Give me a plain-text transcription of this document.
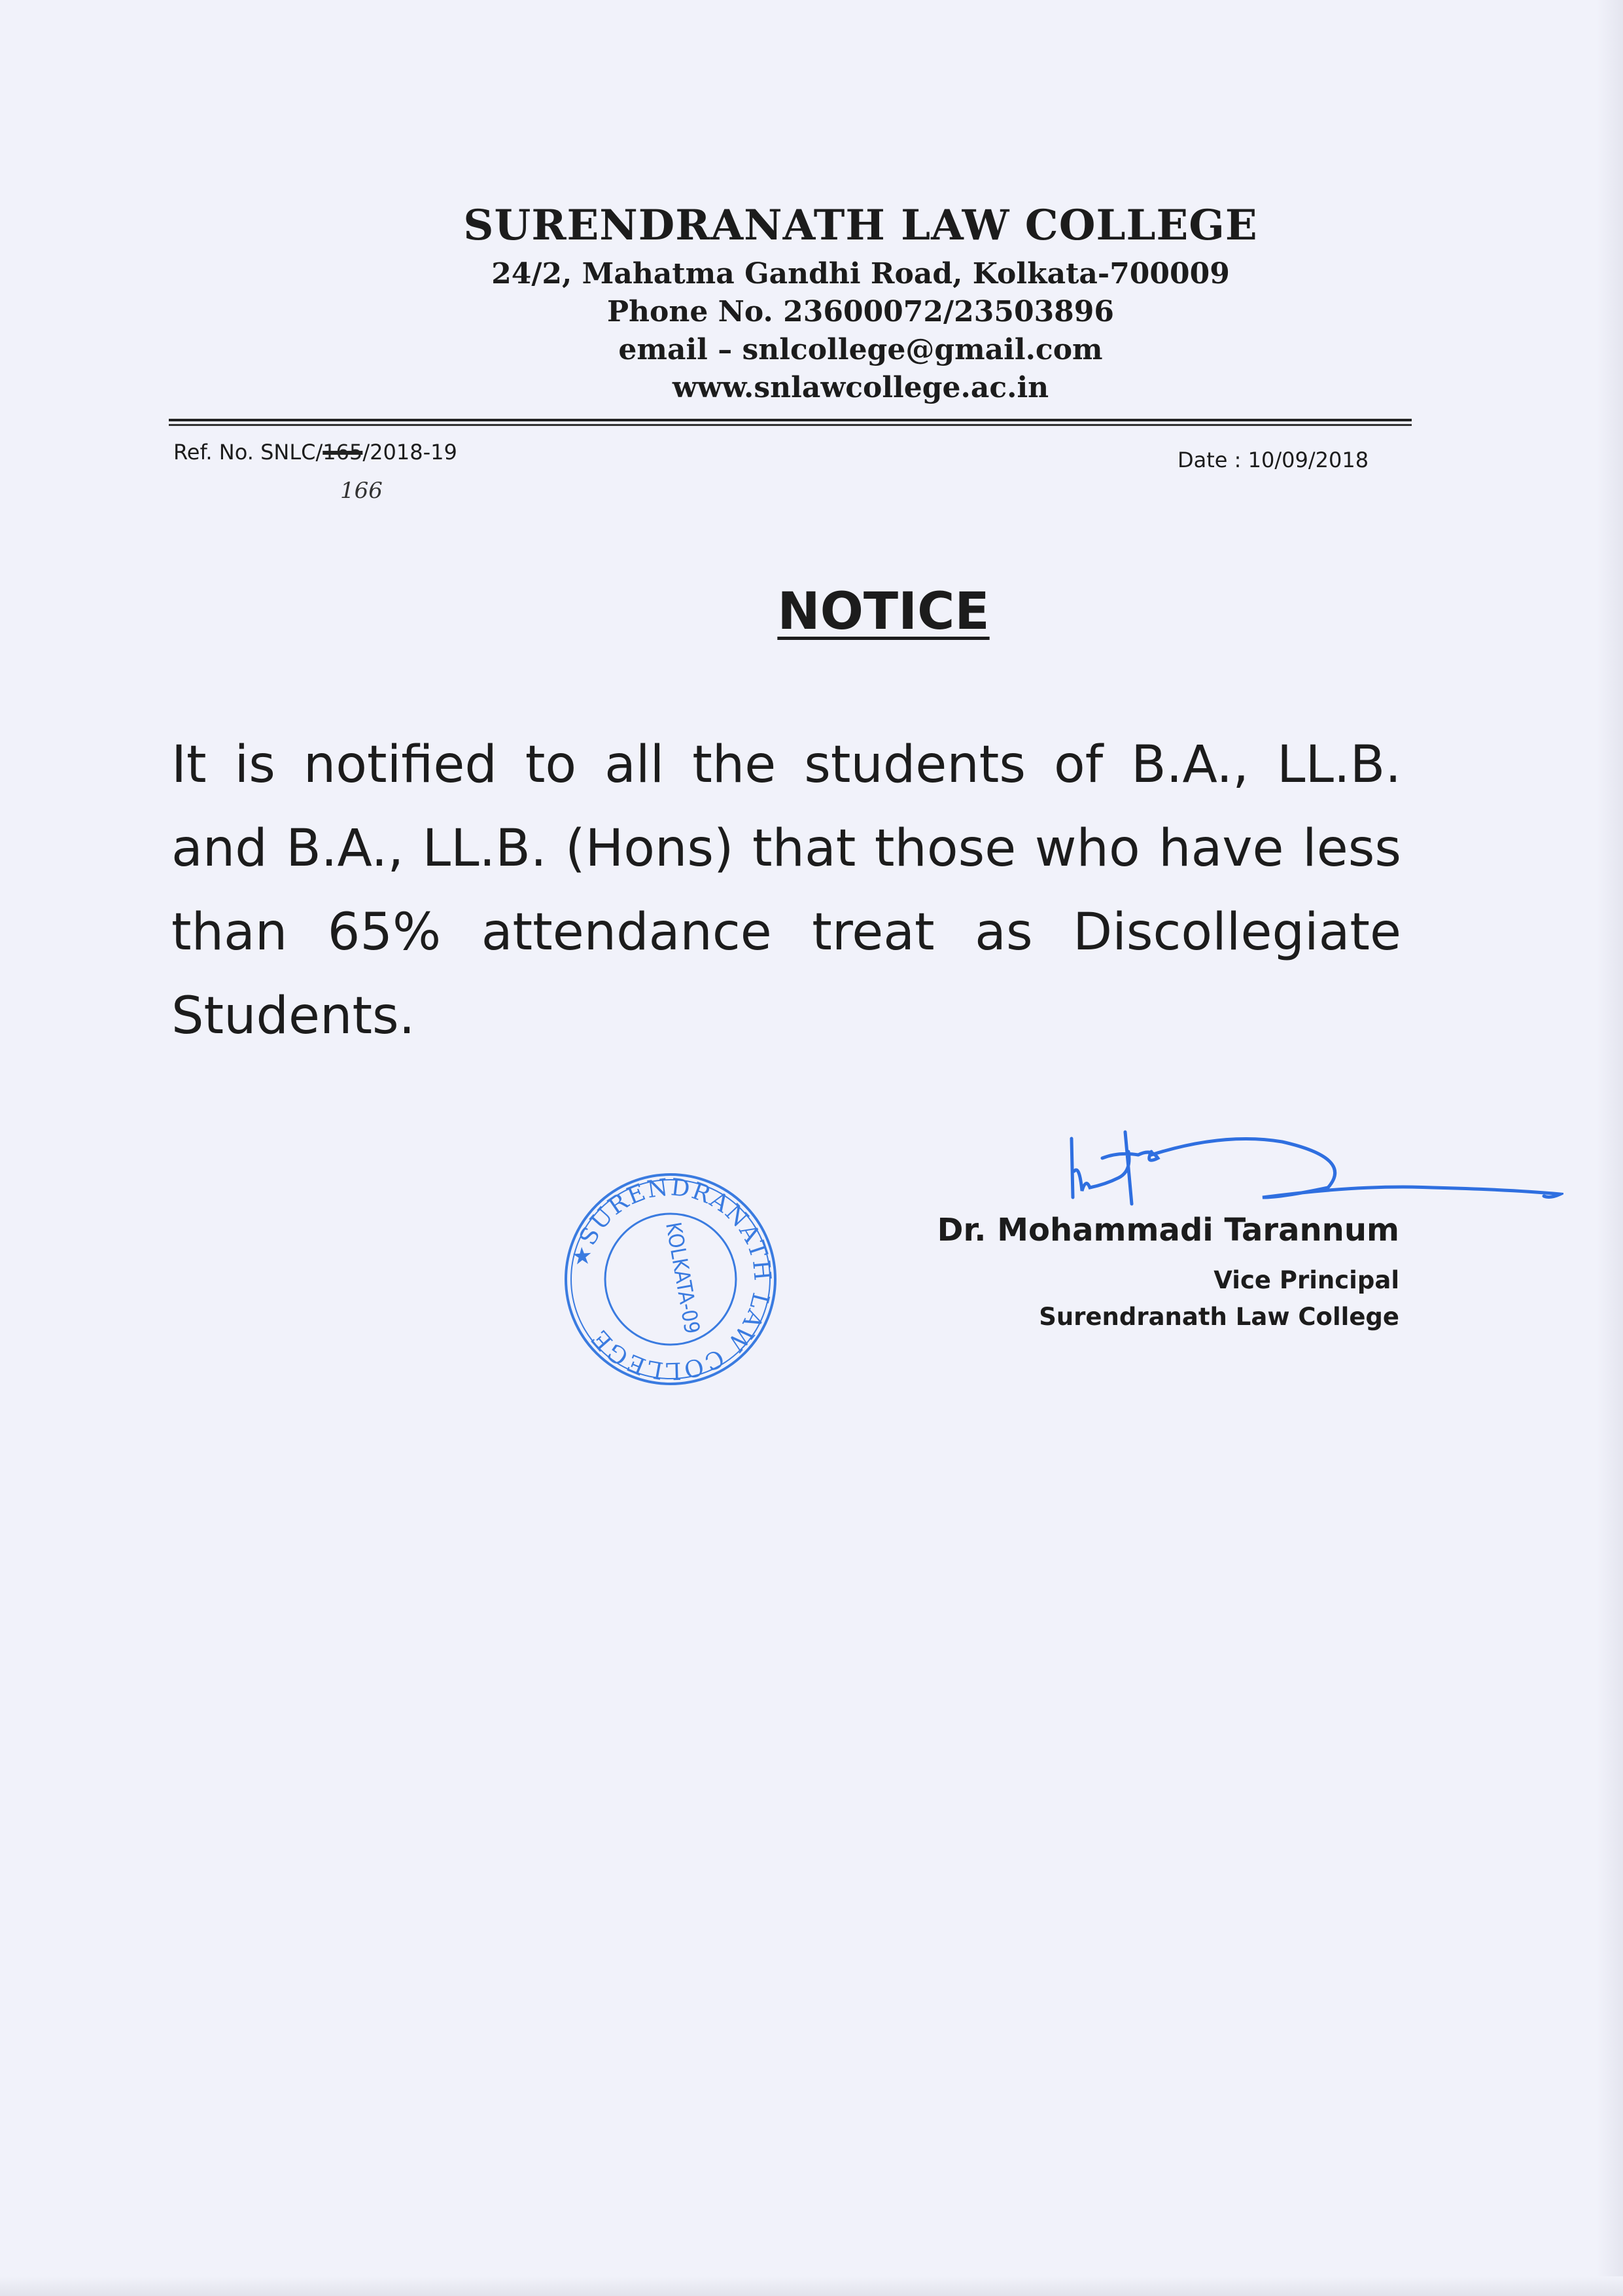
SURENDRANATH LAW COLLEGE
24/2, Mahatma Gandhi Road, Kolkata-700009
Phone No. 23600072/23503896
email – snlcollege@gmail.com
www.snlawcollege.ac.in
Ref. No. SNLC/165/2018-19
166
Date : 10/09/2018
NOTICE
It is notified to all the students of B.A., LL.B. and B.A., LL.B. (Hons) that those who have less than 65% attendance treat as Discollegiate Students.
★SURENDRANATH LAW COLLEGE
KOLKATA-09	Dr. Mohammadi Tarannum
Vice Principal
Surendranath Law College
